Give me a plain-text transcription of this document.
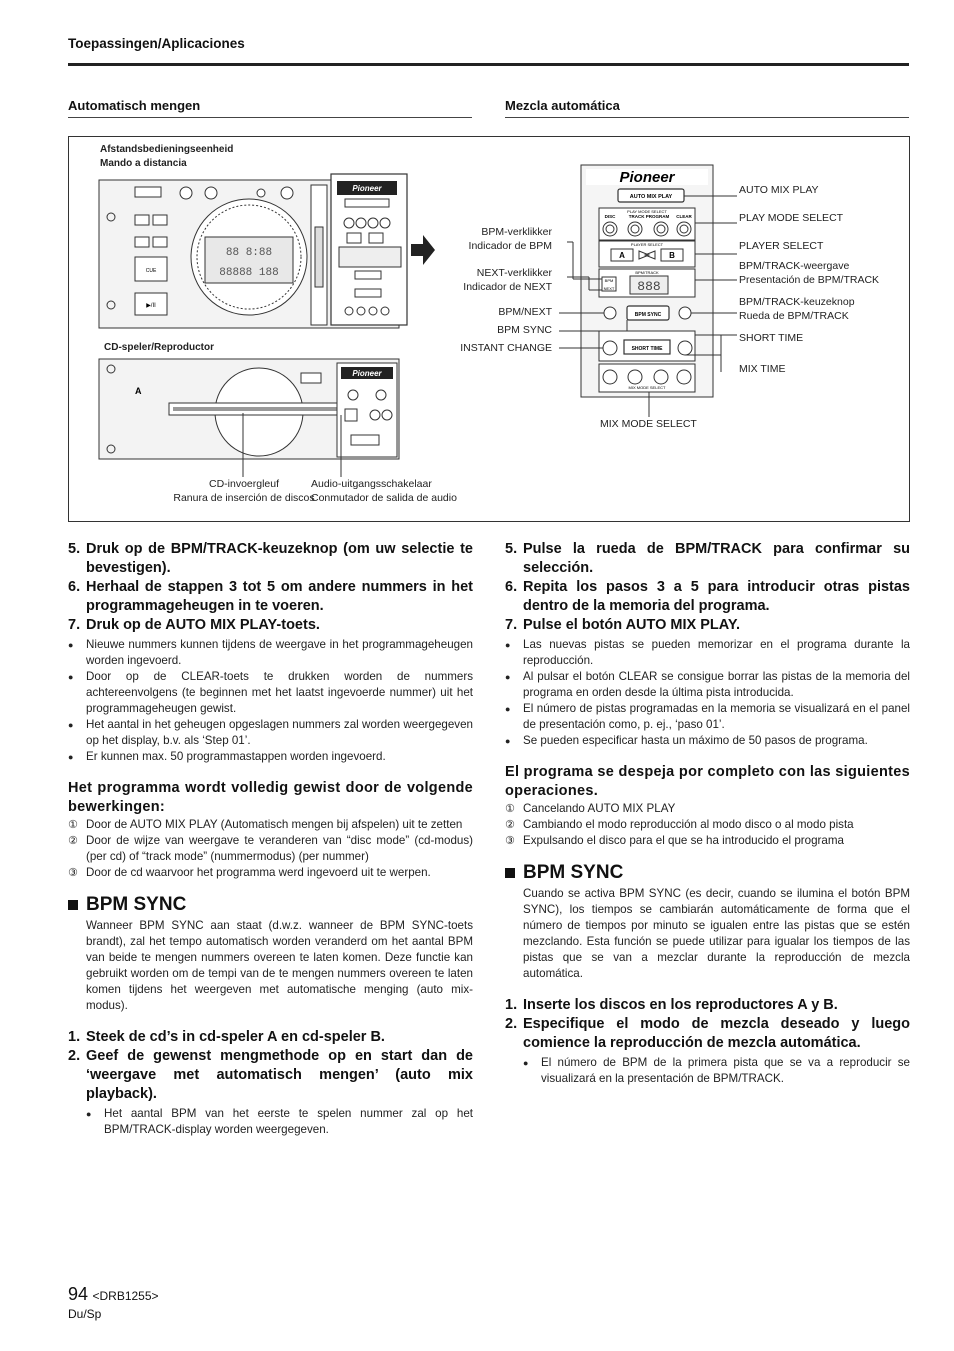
Toepassingen/Aplicaciones
Automatisch mengen	Mezcla automática
CUE
▶/II
88 8:88
88888 188
Pioneer
A
Pioneer
Pioneer
AUTO MIX PLAY
PLAY MODE SELECT
DISC	TRACK PROGRAM CLEAR
PLAYER SELECT
A	B
BPM/TRACK
BPM
NEXT 888
BPM SYNC
SHORT TIME
MIX MODE SELECT
Afstandsbedieningseenheid
Mando a distancia
CD-speler/Reproductor
CD-invoergleuf
Ranura de inserción de discos
Audio-uitgangsschakelaar
Conmutador de salida de audio
BPM-verklikker
Indicador de BPM
NEXT-verklikker
Indicador de NEXT
BPM/NEXT
BPM SYNC
INSTANT CHANGE
AUTO MIX PLAY
PLAY MODE SELECT
PLAYER SELECT
BPM/TRACK-weergave
Presentación de BPM/TRACK
BPM/TRACK-keuzeknop
Rueda de BPM/TRACK
SHORT TIME
MIX TIME
MIX MODE SELECT
5. Druk op de BPM/TRACK-keuzeknop (om uw selectie te bevestigen).
6. Herhaal de stappen 3 tot 5 om andere nummers in het programmageheugen in te voeren.
7. Druk op de AUTO MIX PLAY-toets.
●	Nieuwe nummers kunnen tijdens de weergave in het programmageheugen worden ingevoerd.
●	Door op de CLEAR-toets te drukken worden de nummers achtereenvolgens (te beginnen met het laatst ingevoerde nummer) uit het programmageheugen gewist.
●	Het aantal in het geheugen opgeslagen nummers zal worden weergegeven op het display, b.v. als ‘Step 01’.
●	Er kunnen max. 50 programmastappen worden ingevoerd.
Het programma wordt volledig gewist door de volgende bewerkingen:
① Door de AUTO MIX PLAY (Automatisch mengen bij afspelen) uit te zetten
② Door de wijze van weergave te veranderen van “disc mode” (cd-modus) (per cd) of “track mode” (nummermodus) (per nummer)
③ Door de cd waarvoor het programma werd ingevoerd uit te werpen.
BPM SYNC
Wanneer BPM SYNC aan staat (d.w.z. wanneer de BPM SYNC-toets brandt), zal het tempo automatisch worden veranderd om het aantal BPM van beide te mengen nummers overeen te laten komen. Deze functie kan gebruikt worden om de tempi van de te mengen nummers overeen te laten komen tijdens het weergeven met automatische menging (auto mix-modus).
1. Steek de cd’s in cd-speler A en cd-speler B.
2. Geef de gewenst mengmethode op en start dan de ‘weergave met automatisch mengen’ (auto mix playback).
●	Het aantal BPM van het eerste te spelen nummer zal op het BPM/TRACK-display worden weergegeven.
5. Pulse la rueda de BPM/TRACK para confirmar su selección.
6. Repita los pasos 3 a 5 para introducir otras pistas dentro de la memoria del programa.
7. Pulse el botón AUTO MIX PLAY.
●	Las nuevas pistas se pueden memorizar en el programa durante la reproducción.
●	Al pulsar el botón CLEAR se consigue borrar las pistas de la memoria del programa en orden desde la última pista introducida.
●	El número de pistas programadas en la memoria se visualizará en el panel de presentación como, p. ej., ‘paso 01’.
●	Se pueden especificar hasta un máximo de 50 pasos de programa.
El programa se despeja por completo con las siguientes operaciones.
① Cancelando AUTO MIX PLAY
② Cambiando el modo reproducción al modo disco o al modo pista
③ Expulsando el disco para el que se ha introducido el programa
BPM SYNC
Cuando se activa BPM SYNC (es decir, cuando se ilumina el botón BPM SYNC), los tiempos se cambiarán automáticamente de forma que el número de tiempos por minuto se igualen entre las pistas que se estén mezclando. Esta función se puede utilizar para igualar los tiempos de las pistas que se van a mezclar durante la reproducción de mezcla automática.
1. Inserte los discos en los reproductores A y B.
2. Especifique el modo de mezcla deseado y luego comience la reproducción de mezcla automática.
●	El número de BPM de la primera pista que se va a reproducir se visualizará en la presentación de BPM/TRACK.
94 <DRB1255>
Du/Sp
